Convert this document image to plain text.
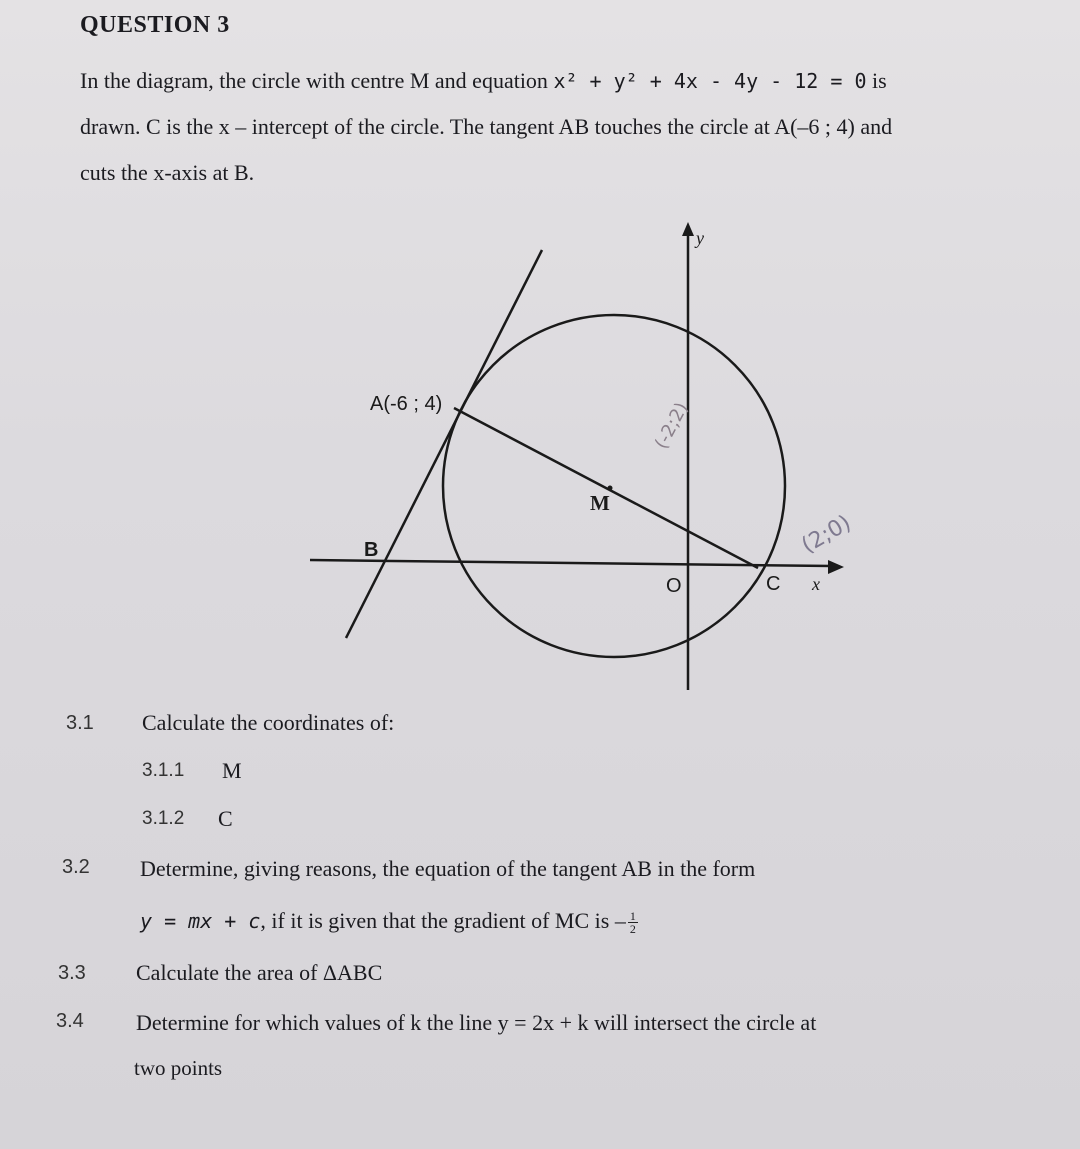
QUESTION 3
In the diagram, the circle with centre M and equation x² + y² + 4x - 4y - 12 = 0 is
drawn. C is the x – intercept of the circle. The tangent AB touches the circle at A(–6 ; 4) and
cuts the x-axis at B.
A(-6 ; 4)
B
M
O	C x
y
(-2;2)
(2;0)
3.1 Calculate the coordinates of:
3.1.1 M
3.1.2 C
3.2 Determine, giving reasons, the equation of the tangent AB in the form
y = mx + c, if it is given that the gradient of MC is – $\frac{1}{2}$
3.3 Calculate the area of ΔABC
3.4 Determine for which values of k the line y = 2x + k will intersect the circle at
two points
